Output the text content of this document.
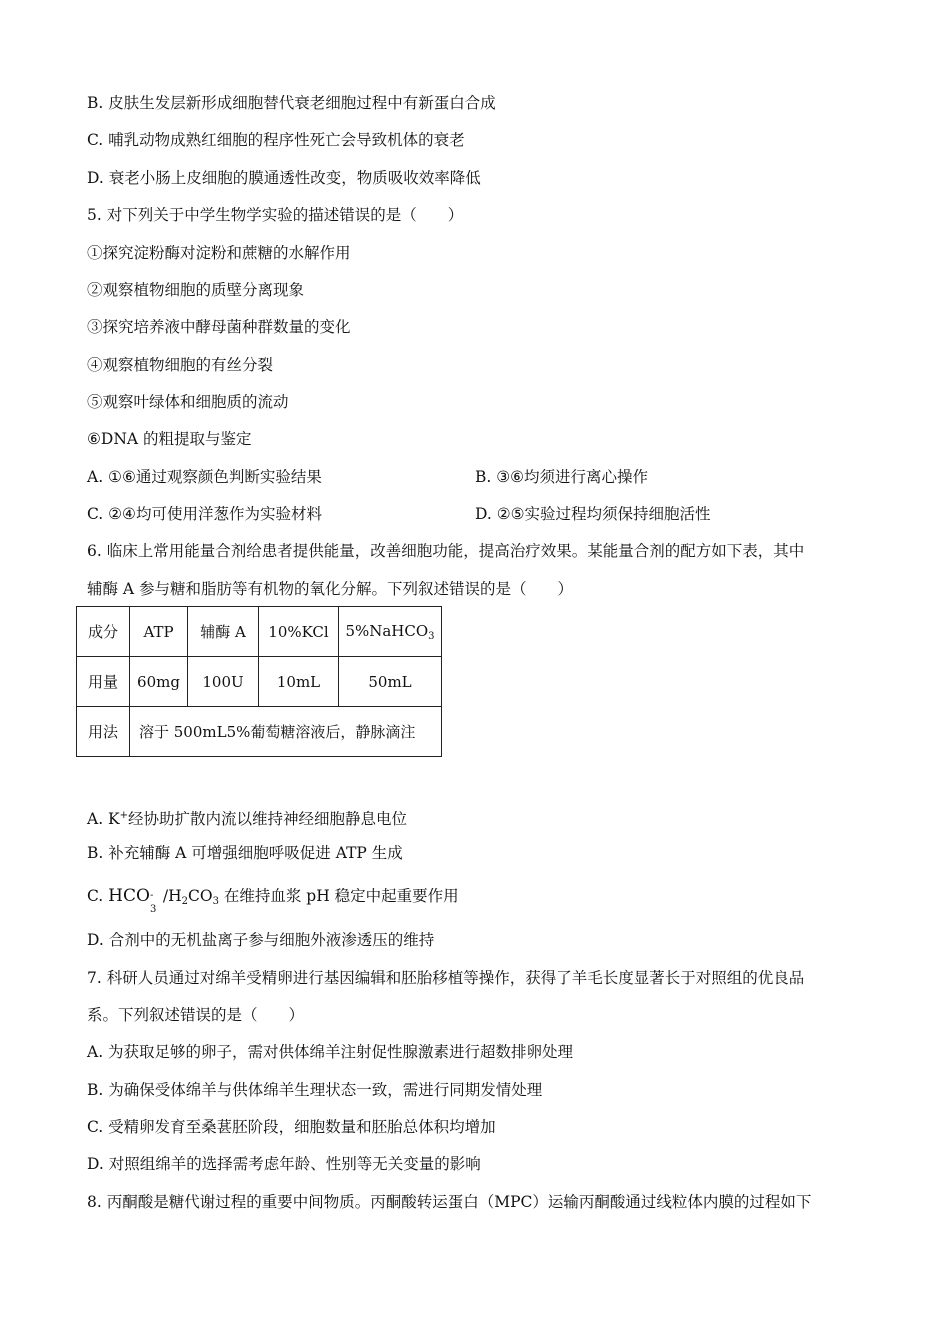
B. 皮肤生发层新形成细胞替代衰老细胞过程中有新蛋白合成
C. 哺乳动物成熟红细胞的程序性死亡会导致机体的衰老
D. 衰老小肠上皮细胞的膜通透性改变，物质吸收效率降低
5. 对下列关于中学生物学实验的描述错误的是（　　）
①探究淀粉酶对淀粉和蔗糖的水解作用
②观察植物细胞的质壁分离现象
③探究培养液中酵母菌种群数量的变化
④观察植物细胞的有丝分裂
⑤观察叶绿体和细胞质的流动
⑥DNA 的粗提取与鉴定
A. ①⑥通过观察颜色判断实验结果	B. ③⑥均须进行离心操作
C. ②④均可使用洋葱作为实验材料	D. ②⑤实验过程均须保持细胞活性
6. 临床上常用能量合剂给患者提供能量，改善细胞功能，提高治疗效果。某能量合剂的配方如下表，其中
辅酶 A 参与糖和脂肪等有机物的氧化分解。下列叙述错误的是（　　）
成分	ATP	辅酶 A	10%KCl	5%NaHCO$_3$
用量	60mg	100U	10mL	50mL
用法	溶于 500mL5%葡萄糖溶液后，静脉滴注			
A. K+经协助扩散内流以维持神经细胞静息电位
B. 补充辅酶 A 可增强细胞呼吸促进 ATP 生成
C. HCO -
3
$/H_2CO_3$ 在维持血浆 pH 稳定中起重要作用
D. 合剂中的无机盐离子参与细胞外液渗透压的维持
7. 科研人员通过对绵羊受精卵进行基因编辑和胚胎移植等操作，获得了羊毛长度显著长于对照组的优良品
系。下列叙述错误的是（　　）
A. 为获取足够的卵子，需对供体绵羊注射促性腺激素进行超数排卵处理
B. 为确保受体绵羊与供体绵羊生理状态一致，需进行同期发情处理
C. 受精卵发育至桑葚胚阶段，细胞数量和胚胎总体积均增加
D. 对照组绵羊的选择需考虑年龄、性别等无关变量的影响
8. 丙酮酸是糖代谢过程的重要中间物质。丙酮酸转运蛋白（MPC）运输丙酮酸通过线粒体内膜的过程如下
